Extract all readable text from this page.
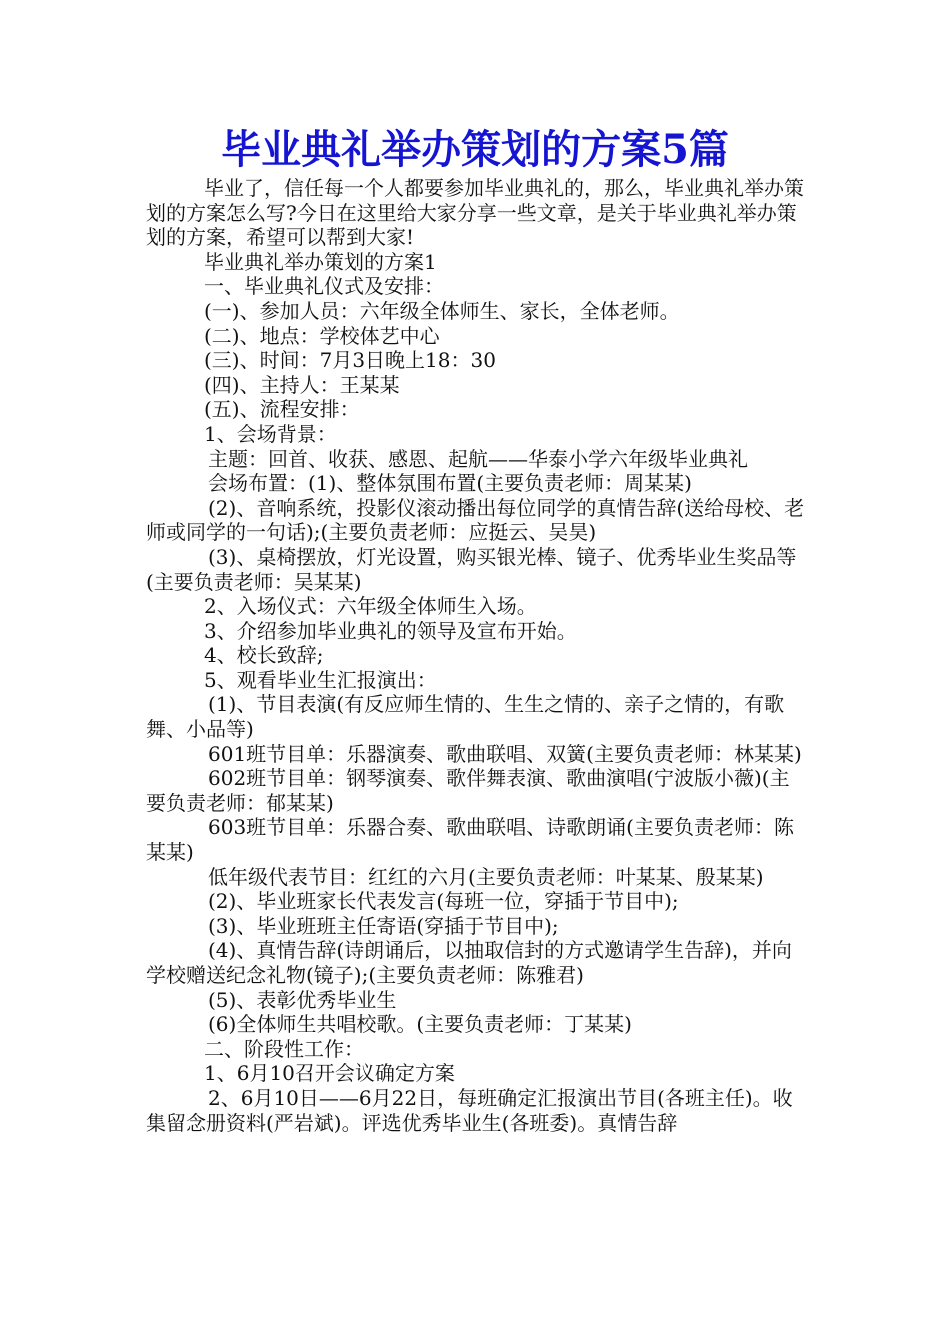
毕业典礼举办策划的方案5篇

毕业了，信任每一个人都要参加毕业典礼的，那么，毕业典礼举办策划的方案怎么写?今日在这里给大家分享一些文章，是关于毕业典礼举办策划的方案，希望可以帮到大家!

毕业典礼举办策划的方案1

一、毕业典礼仪式及安排：

(一)、参加人员：六年级全体师生、家长，全体老师。

(二)、地点：学校体艺中心

(三)、时间：7月3日晚上18：30

(四)、主持人：王某某

(五)、流程安排：

1、会场背景：

主题：回首、收获、感恩、起航——华泰小学六年级毕业典礼

会场布置：(1)、整体氛围布置(主要负责老师：周某某)

(2)、音响系统，投影仪滚动播出每位同学的真情告辞(送给母校、老师或同学的一句话);(主要负责老师：应挺云、吴昊)

(3)、桌椅摆放，灯光设置，购买银光棒、镜子、优秀毕业生奖品等(主要负责老师：吴某某)

2、入场仪式：六年级全体师生入场。

3、介绍参加毕业典礼的领导及宣布开始。

4、校长致辞;

5、观看毕业生汇报演出：

(1)、节目表演(有反应师生情的、生生之情的、亲子之情的，有歌舞、小品等)

601班节目单：乐器演奏、歌曲联唱、双簧(主要负责老师：林某某)

602班节目单：钢琴演奏、歌伴舞表演、歌曲演唱(宁波版小薇)(主要负责老师：郁某某)

603班节目单：乐器合奏、歌曲联唱、诗歌朗诵(主要负责老师：陈某某)

低年级代表节目：红红的六月(主要负责老师：叶某某、殷某某)

(2)、毕业班家长代表发言(每班一位，穿插于节目中);

(3)、毕业班班主任寄语(穿插于节目中);

(4)、真情告辞(诗朗诵后，以抽取信封的方式邀请学生告辞)，并向学校赠送纪念礼物(镜子);(主要负责老师：陈雅君)

(5)、表彰优秀毕业生

(6)全体师生共唱校歌。(主要负责老师：丁某某)

二、阶段性工作：

1、6月10召开会议确定方案

2、6月10日——6月22日，每班确定汇报演出节目(各班主任)。收集留念册资料(严岩斌)。评选优秀毕业生(各班委)。真情告辞
